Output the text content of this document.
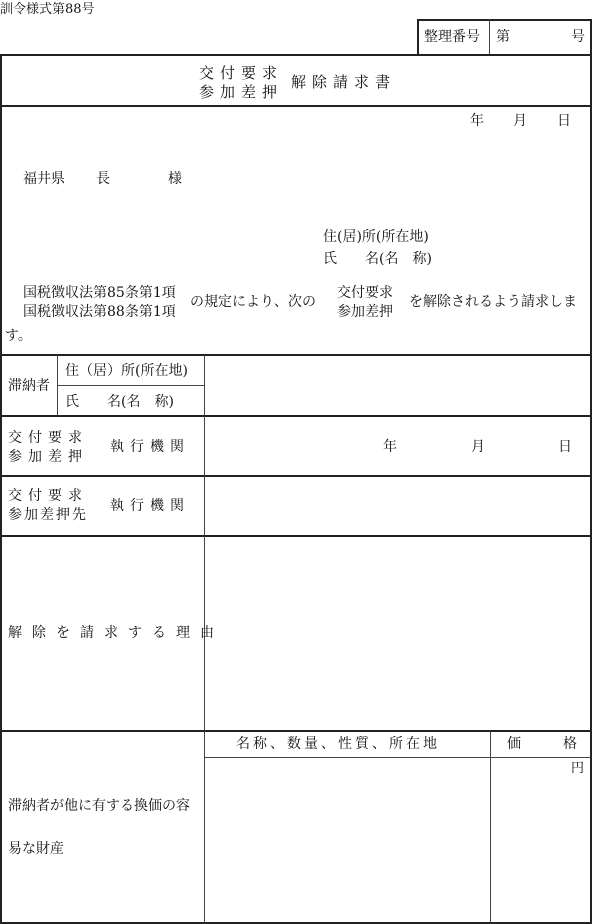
訓令様式第88号
整理番号 第	号
交付要求
参加差押
解除請求書
年 月 日
福井県 長	様
住(居)所(所在地)
氏　　名(名　称)
国税徴収法第85条第1項
国税徴収法第88条第1項
の規定により、次の
交付要求
参加差押
を解除されるよう請求しま
す。
滞納者
住（居）所(所在地)
氏　　名(名　称)
交付要求
参加差押
執行機関	年	月	日
交付要求
参加差押先
執行機関
解除を請求する理由
名称、数量、性質、所在地	価　　　格
円
滞納者が他に有する換価の容
易な財産
